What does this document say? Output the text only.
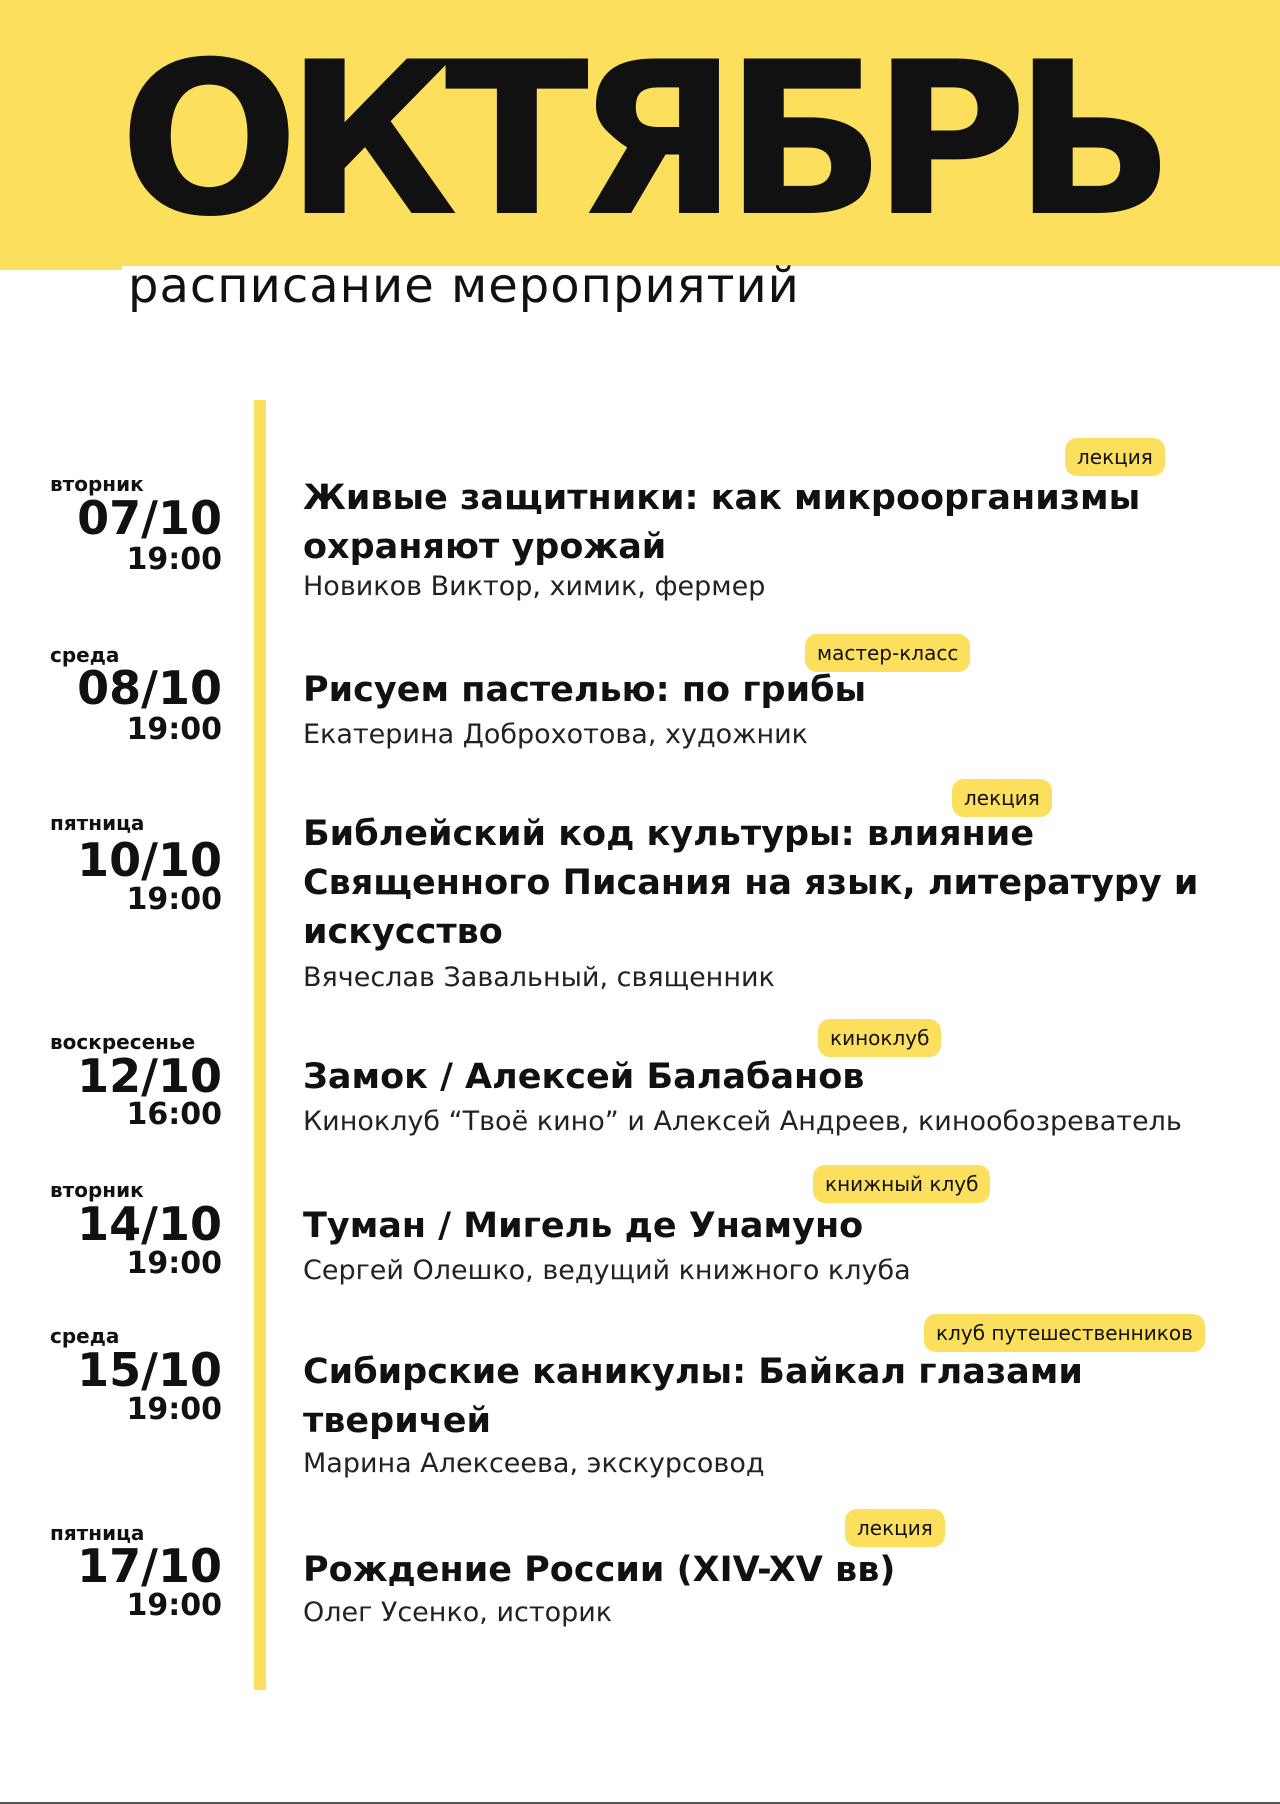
ОКТЯБРЬ
расписание мероприятий
вторник
07/10
19:00
лекция
Живые защитники: как микроорганизмы охраняют урожай
Новиков Виктор, химик, фермер
среда
08/10
19:00
мастер-класс
Рисуем пастелью: по грибы
Екатерина Доброхотова, художник
пятница
10/10
19:00
лекция
Библейский код культуры: влияние Священного Писания на язык, литературу и искусство
Вячеслав Завальный, священник
воскресенье
12/10
16:00
киноклуб
Замок / Алексей Балабанов
Киноклуб “Твоё кино” и Алексей Андреев, кинообозреватель
вторник
14/10
19:00
книжный клуб
Туман / Мигель де Унамуно
Сергей Олешко, ведущий книжного клуба
среда
15/10
19:00
клуб путешественников
Сибирские каникулы: Байкал глазами тверичей
Марина Алексеева, экскурсовод
пятница
17/10
19:00
лекция
Рождение России (XIV-XV вв)
Олег Усенко, историк
